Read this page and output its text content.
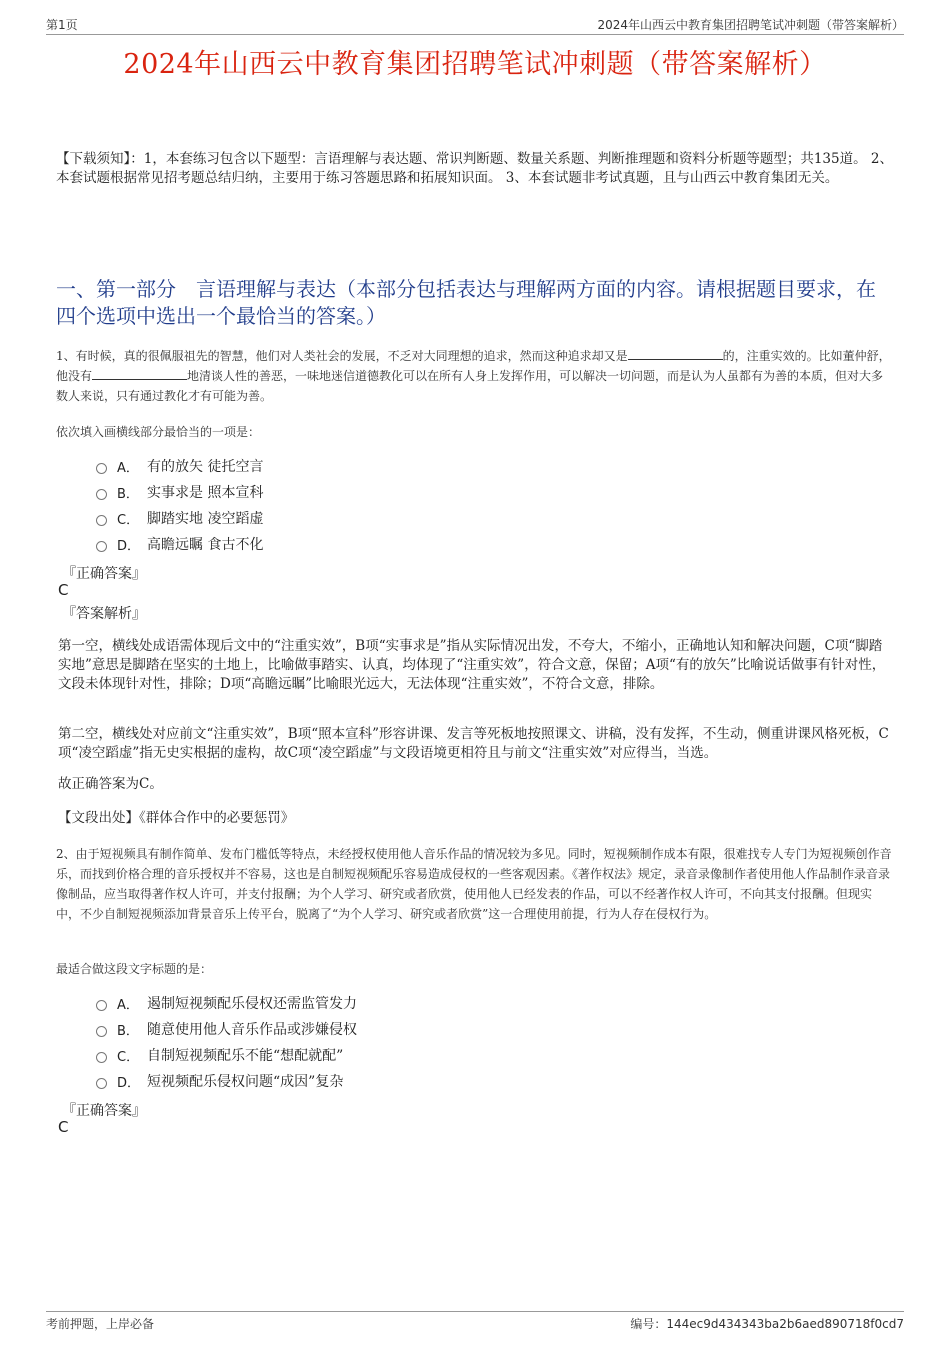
第1页	2024年山西云中教育集团招聘笔试冲刺题（带答案解析）
2024年山西云中教育集团招聘笔试冲刺题（带答案解析）
【下载须知】：1，本套练习包含以下题型：言语理解与表达题、常识判断题、数量关系题、判断推理题和资料分析题等题型；共135道。 2、本套试题根据常见招考题总结归纳，主要用于练习答题思路和拓展知识面。 3、本套试题非考试真题，且与山西云中教育集团无关。
一、第一部分　言语理解与表达（本部分包括表达与理解两方面的内容。请根据题目要求，在四个选项中选出一个最恰当的答案。）
1、有时候，真的很佩服祖先的智慧，他们对人类社会的发展，不乏对大同理想的追求，然而这种追求却又是	的，注重实效的。比如董仲舒，他没有	地清谈人性的善恶，一味地迷信道德教化可以在所有人身上发挥作用，可以解决一切问题，而是认为人虽都有为善的本质，但对大多数人来说，只有通过教化才有可能为善。
依次填入画横线部分最恰当的一项是：
A． 有的放矢 徒托空言
B． 实事求是 照本宣科
C． 脚踏实地 凌空蹈虚
D． 高瞻远瞩 食古不化
『正确答案』
C
『答案解析』
第一空，横线处成语需体现后文中的“注重实效”，B项“实事求是”指从实际情况出发，不夸大，不缩小，正确地认知和解决问题，C项“脚踏实地”意思是脚踏在坚实的土地上，比喻做事踏实、认真，均体现了“注重实效”，符合文意，保留；A项“有的放矢”比喻说话做事有针对性，文段未体现针对性，排除；D项“高瞻远瞩”比喻眼光远大，无法体现“注重实效”，不符合文意，排除。
第二空，横线处对应前文“注重实效”，B项“照本宣科”形容讲课、发言等死板地按照课文、讲稿，没有发挥，不生动，侧重讲课风格死板，C项“凌空蹈虚”指无史实根据的虚构，故C项“凌空蹈虚”与文段语境更相符且与前文“注重实效”对应得当，当选。
故正确答案为C。
【文段出处】《群体合作中的必要惩罚》
2、由于短视频具有制作简单、发布门槛低等特点，未经授权使用他人音乐作品的情况较为多见。同时，短视频制作成本有限，很难找专人专门为短视频创作音乐，而找到价格合理的音乐授权并不容易，这也是自制短视频配乐容易造成侵权的一些客观因素。《著作权法》规定，录音录像制作者使用他人作品制作录音录像制品，应当取得著作权人许可，并支付报酬；为个人学习、研究或者欣赏，使用他人已经发表的作品，可以不经著作权人许可，不向其支付报酬。但现实中，不少自制短视频添加背景音乐上传平台，脱离了“为个人学习、研究或者欣赏”这一合理使用前提，行为人存在侵权行为。
最适合做这段文字标题的是：
A． 遏制短视频配乐侵权还需监管发力
B． 随意使用他人音乐作品或涉嫌侵权
C． 自制短视频配乐不能“想配就配”
D． 短视频配乐侵权问题“成因”复杂
『正确答案』
C
考前押题，上岸必备	编号：144ec9d434343ba2b6aed890718f0cd7
